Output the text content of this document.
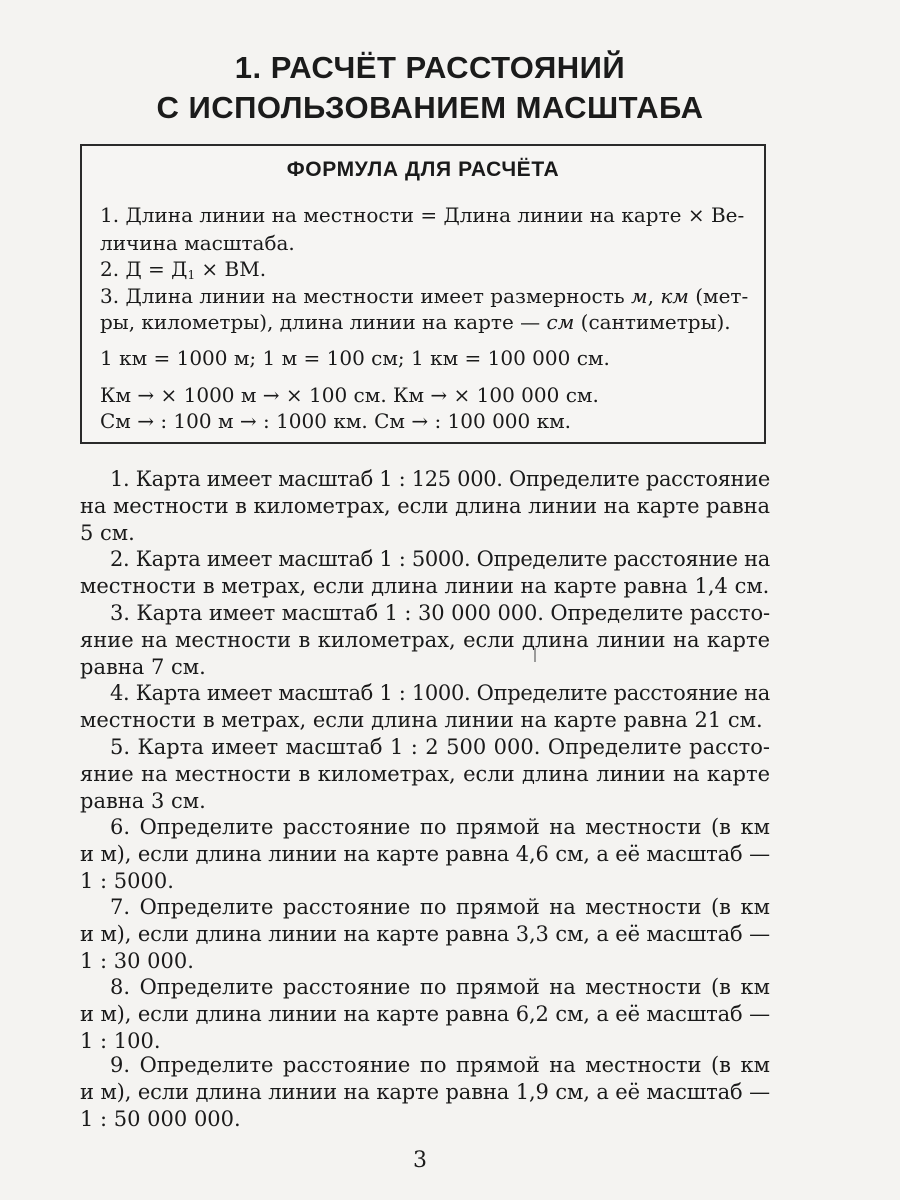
1. РАСЧЁТ РАССТОЯНИЙ
С ИСПОЛЬЗОВАНИЕМ МАСШТАБА
ФОРМУЛА ДЛЯ РАСЧЁТА
1. Длина линии на местности = Длина линии на карте × Ве-
личина масштаба.
2. $Д = Д_1$ × ВМ.
3. Длина линии на местности имеет размерность м, км (мет-
ры, километры), длина линии на карте — см (сантиметры).
1 км = 1000 м; 1 м = 100 см; 1 км = 100 000 см.
Км → × 1000 м → × 100 см. Км → × 100 000 см.
См → : 100 м → : 1000 км. См → : 100 000 км.
1. Карта имеет масштаб 1 : 125 000. Определите расстояние
на местности в километрах, если длина линии на карте равна
5 см.
2. Карта имеет масштаб 1 : 5000. Определите расстояние на
местности в метрах, если длина линии на карте равна 1,4 см.
3. Карта имеет масштаб 1 : 30 000 000. Определите рассто-
яние на местности в километрах, если длина линии на карте
равна 7 см.
4. Карта имеет масштаб 1 : 1000. Определите расстояние на
местности в метрах, если длина линии на карте равна 21 см.
5. Карта имеет масштаб 1 : 2 500 000. Определите рассто-
яние на местности в километрах, если длина линии на карте
равна 3 см.
6. Определите расстояние по прямой на местности (в км
и м), если длина линии на карте равна 4,6 см, а её масштаб —
1 : 5000.
7. Определите расстояние по прямой на местности (в км
и м), если длина линии на карте равна 3,3 см, а её масштаб —
1 : 30 000.
8. Определите расстояние по прямой на местности (в км
и м), если длина линии на карте равна 6,2 см, а её масштаб —
1 : 100.
9. Определите расстояние по прямой на местности (в км
и м), если длина линии на карте равна 1,9 см, а её масштаб —
1 : 50 000 000.
3
